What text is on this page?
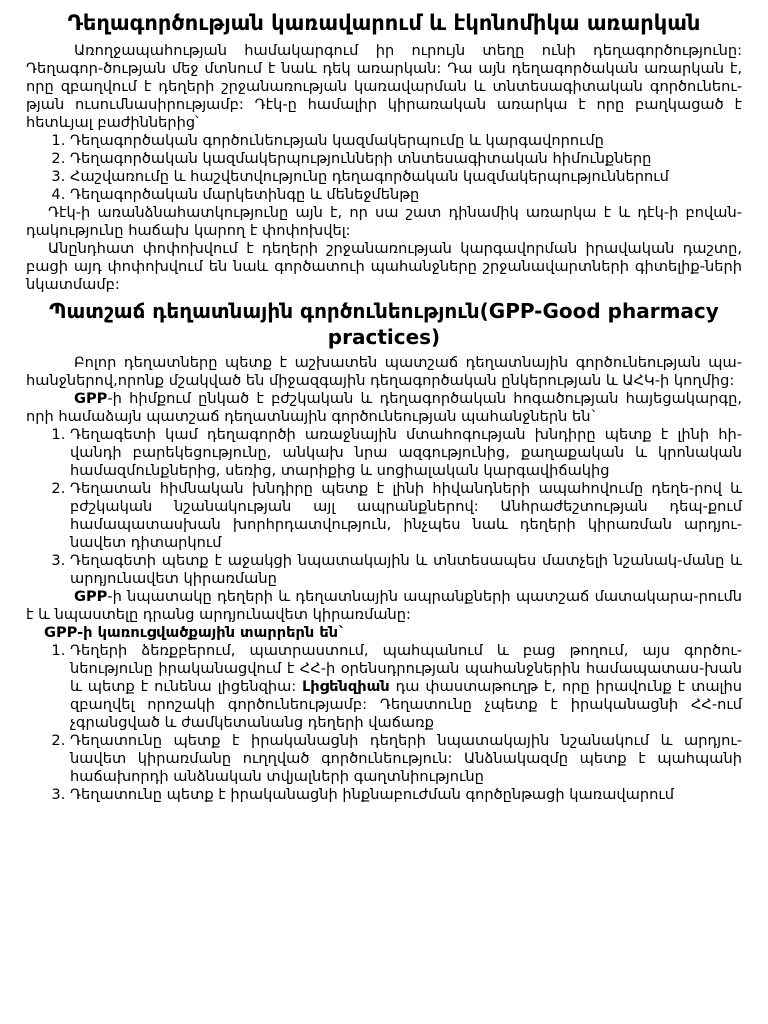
Դեղագործության կառավարում և էկոնոմիկա առարկան

Առողջապահության համակարգում իր ուրույն տեղը ունի դեղագործությունը: Դեղագոր-ծության մեջ մտնում է նաև դեկ առարկան: Դա այն դեղագործական առարկան է, որը զբաղվում է դեղերի շրջանառության կառավարման և տնտեսագիտական գործունեու-թյան ուսումնասիրությամբ: Դէկ-ը համալիր կիրառական առարկա է որը բաղկացած է հետևյալ բաժիններից՝

1. Դեղագործական գործունեության կազմակերպումը և կարգավորումը
2. Դեղագործական կազմակերպությունների տնտեսագիտական հիմունքները
3. Հաշվառումը և հաշվետվությունը դեղագործական կազմակերպություններում
4. Դեղագործական մարկետինգը և մենեջմենթը

Դէկ-ի առանձնահատկությունը այն է, որ սա շատ դինամիկ առարկա է և դէկ-ի բովան-դակությունը հաճախ կարող է փոփոխվել:

Անընդհատ փոփոխվում է դեղերի շրջանառության կարգավորման իրավական դաշտը, բացի այդ փոփոխվում են նաև գործատուի պահանջները շրջանավարտների գիտելիք-ների նկատմամբ:

Պատշաճ դեղատնային գործունեություն(GPP-Good pharmacy practices)

Բոլոր դեղատները պետք է աշխատեն պատշաճ դեղատնային գործունեության պա-հանջներով,որոնք մշակված են միջազգային դեղագործական ընկերության և ԱՀԿ-ի կողմից:

GPP-ի հիմքում ընկած է բժշկական և դեղագործական հոգածության հայեցակարգը, որի համաձայն պատշաճ դեղատնային գործունեության պահանջներն են`

1. Դեղագետի կամ դեղագործի առաջնային մտահոգության խնդիրը պետք է լինի հի-վանդի բարեկեցությունը, անկախ նրա ազգությունից, քաղաքական և կրոնական համազմունքներից, սեռից, տարիքից և սոցիալական կարգավիճակից
2. Դեղատան հիմնական խնդիրը պետք է լինի հիվանդների ապահովումը դեղե-րով և բժշկական նշանակության այլ ապրանքներով: Անհրաժեշտության դեպ-քում համապատասխան խորհրդատվություն, ինչպես նաև դեղերի կիրառման արդյու-նավետ դիտարկում
3. Դեղագետի պետք է աջակցի նպատակային և տնտեսապես մատչելի նշանակ-մանը և արդյունավետ կիրառմանը

GPP-ի նպատակը դեղերի և դեղատնային ապրանքների պատշաճ մատակարա-րումն է և նպաստելը դրանց արդյունավետ կիրառմանը:

GPP-ի կառուցվածքային տարրերն են`
1. Դեղերի ձեռքբերում, պատրաստում, պահպանում և բաց թողում, այս գործու-նեությունը իրականացվում է ՀՀ-ի օրենսդրության պահանջներին համապատաս-խան և պետք է ունենա լիցենզիա: Լիցենզիան դա փաստաթուղթ է, որը իրավունք է տալիս զբաղվել որոշակի գործունեությամբ: Դեղատունը չպետք է իրականացնի ՀՀ-ում չգրանցված և ժամկետանանց դեղերի վաճառք
2. Դեղատունը պետք է իրականացնի դեղերի նպատակային նշանակում և արդյու-նավետ կիրառմանը ուղղված գործունեություն: Անձնակազմը պետք է պահպանի հաճախորդի անձնական տվյալների գաղտնիությունը
3. Դեղատունը պետք է իրականացնի ինքնաբուժման գործընթացի կառավարում
